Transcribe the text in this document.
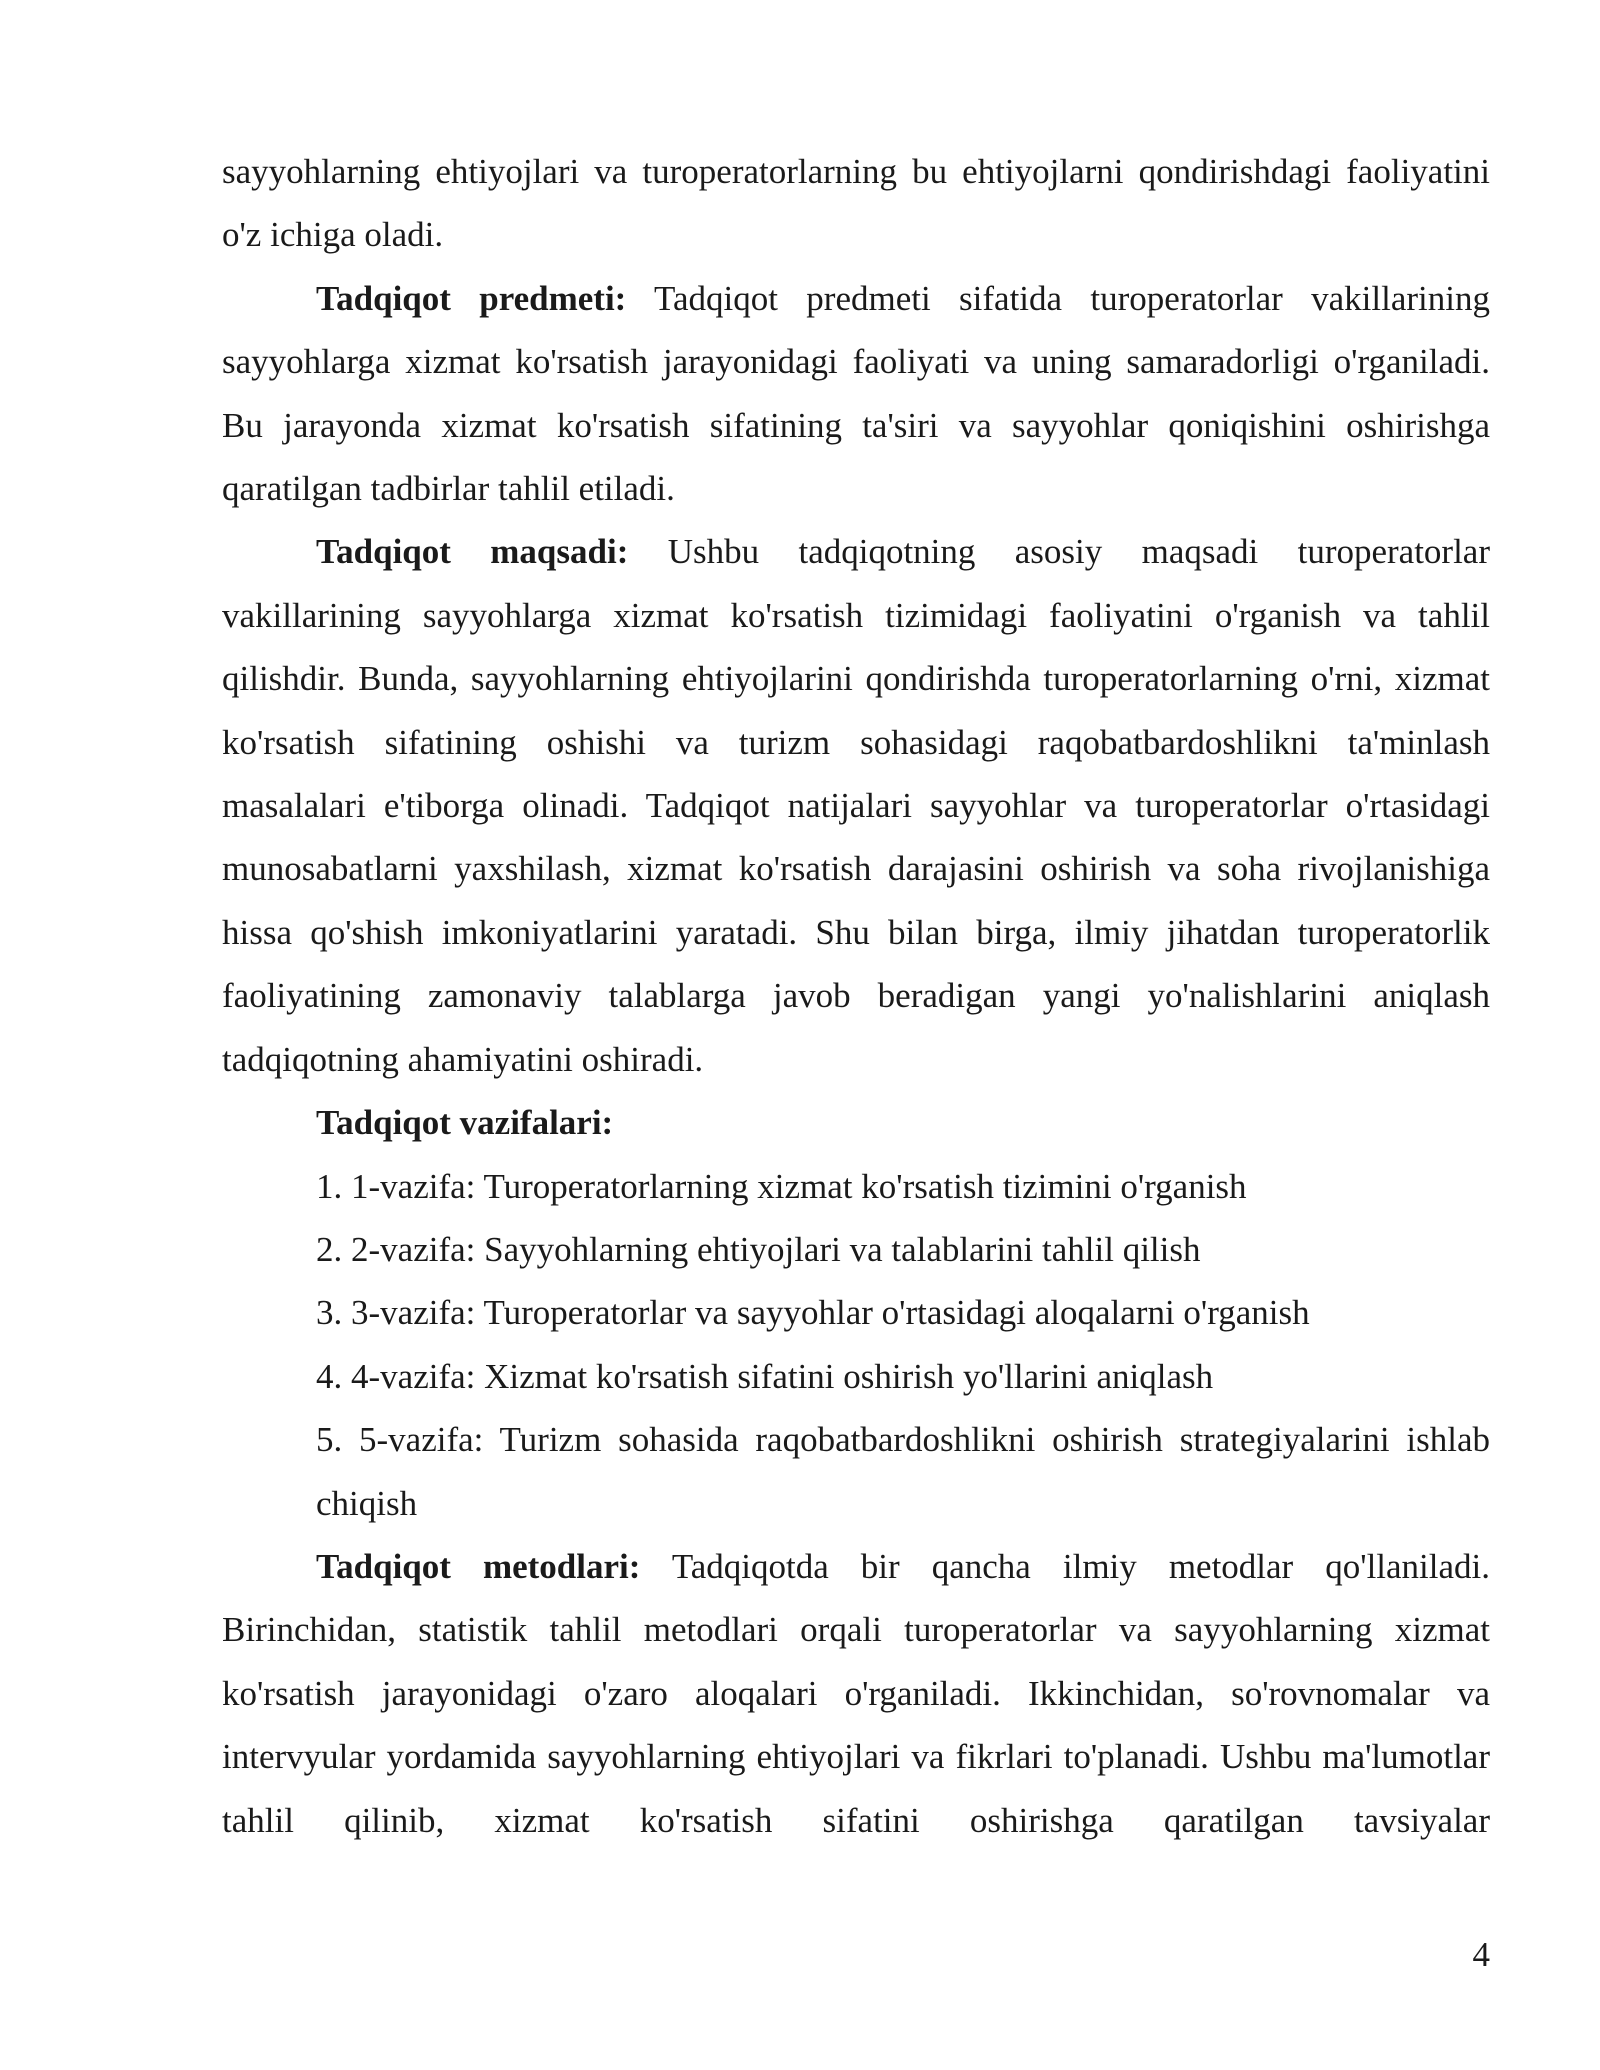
sayyohlarning ehtiyojlari va turoperatorlarning bu ehtiyojlarni qondirishdagi faoliyatini o'z ichiga oladi.

Tadqiqot predmeti: Tadqiqot predmeti sifatida turoperatorlar vakillarining sayyohlarga xizmat ko'rsatish jarayonidagi faoliyati va uning samaradorligi o'rganiladi. Bu jarayonda xizmat ko'rsatish sifatining ta'siri va sayyohlar qoniqishini oshirishga qaratilgan tadbirlar tahlil etiladi.

Tadqiqot maqsadi: Ushbu tadqiqotning asosiy maqsadi turoperatorlar vakillarining sayyohlarga xizmat ko'rsatish tizimidagi faoliyatini o'rganish va tahlil qilishdir. Bunda, sayyohlarning ehtiyojlarini qondirishda turoperatorlarning o'rni, xizmat ko'rsatish sifatining oshishi va turizm sohasidagi raqobatbardoshlikni ta'minlash masalalari e'tiborga olinadi. Tadqiqot natijalari sayyohlar va turoperatorlar o'rtasidagi munosabatlarni yaxshilash, xizmat ko'rsatish darajasini oshirish va soha rivojlanishiga hissa qo'shish imkoniyatlarini yaratadi. Shu bilan birga, ilmiy jihatdan turoperatorlik faoliyatining zamonaviy talablarga javob beradigan yangi yo'nalishlarini aniqlash tadqiqotning ahamiyatini oshiradi.

Tadqiqot vazifalari:

1. 1-vazifa: Turoperatorlarning xizmat ko'rsatish tizimini o'rganish

2. 2-vazifa: Sayyohlarning ehtiyojlari va talablarini tahlil qilish

3. 3-vazifa: Turoperatorlar va sayyohlar o'rtasidagi aloqalarni o'rganish

4. 4-vazifa: Xizmat ko'rsatish sifatini oshirish yo'llarini aniqlash

5. 5-vazifa: Turizm sohasida raqobatbardoshlikni oshirish strategiyalarini ishlab chiqish

Tadqiqot metodlari: Tadqiqotda bir qancha ilmiy metodlar qo'llaniladi. Birinchidan, statistik tahlil metodlari orqali turoperatorlar va sayyohlarning xizmat ko'rsatish jarayonidagi o'zaro aloqalari o'rganiladi. Ikkinchidan, so'rovnomalar va intervyular yordamida sayyohlarning ehtiyojlari va fikrlari to'planadi. Ushbu ma'lumotlar tahlil qilinib, xizmat ko'rsatish sifatini oshirishga qaratilgan tavsiyalar

4
